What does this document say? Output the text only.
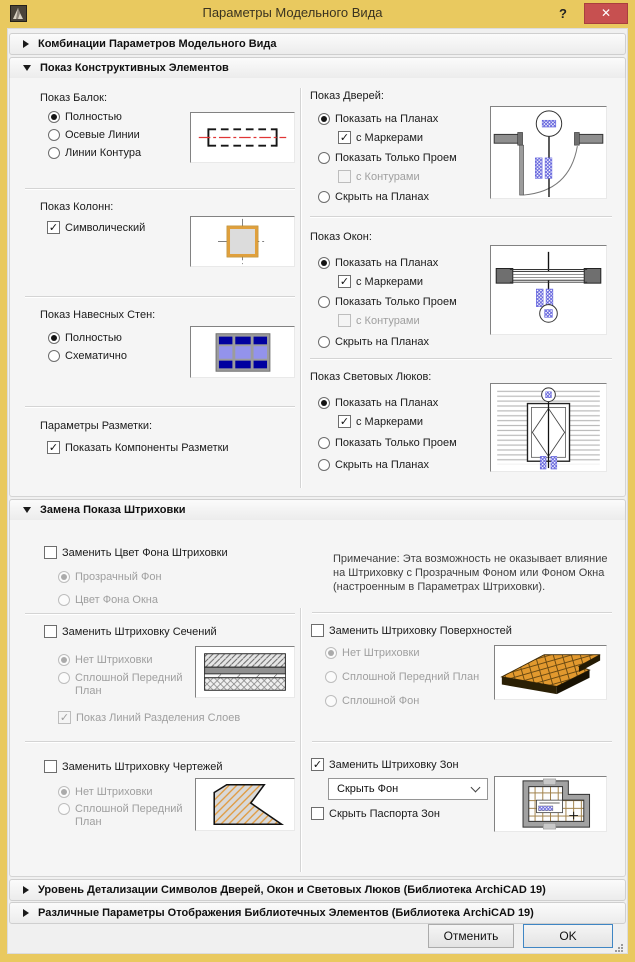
Параметры Модельного Вида	?	✕
Комбинации Параметров Модельного Вида
Показ Конструктивных Элементов
Замена Показа Штриховки
Уровень Детализации Символов Дверей, Окон и Световых Люков (Библиотека ArchiCAD 19)
Различные Параметры Отображения Библиотечных Элементов (Библиотека ArchiCAD 19)
Показ Балок:
Полностью
Осевые Линии
Линии Контура
Показ Колонн:
✓
Символический
Показ Навесных Стен:
Полностью
Схематично
Параметры Разметки:
✓
Показать Компоненты Разметки
Показ Дверей:
Показать на Планах
✓
с Маркерами
Показать Только Проем
с Контурами
Скрыть на Планах
Показ Окон:
Показать на Планах
✓
с Маркерами
Показать Только Проем
с Контурами
Скрыть на Планах
Показ Световых Люков:
Показать на Планах
✓
с Маркерами
Показать Только Проем
Скрыть на Планах
Заменить Цвет Фона Штриховки
Прозрачный Фон
Цвет Фона Окна
Заменить Штриховку Сечений
Нет Штриховки
Сплошной Передний План
✓
Показ Линий Разделения Слоев
Заменить Штриховку Чертежей
Нет Штриховки
Сплошной Передний План
Примечание: Эта возможность не оказывает влияние на Штриховку с Прозрачным Фоном или Фоном Окна (настроенным в Параметрах Штриховки).
Заменить Штриховку Поверхностей
Нет Штриховки
Сплошной Передний План
Сплошной Фон
✓
Заменить Штриховку Зон
Скрыть Фон
Скрыть Паспорта Зон
Отменить	OK
